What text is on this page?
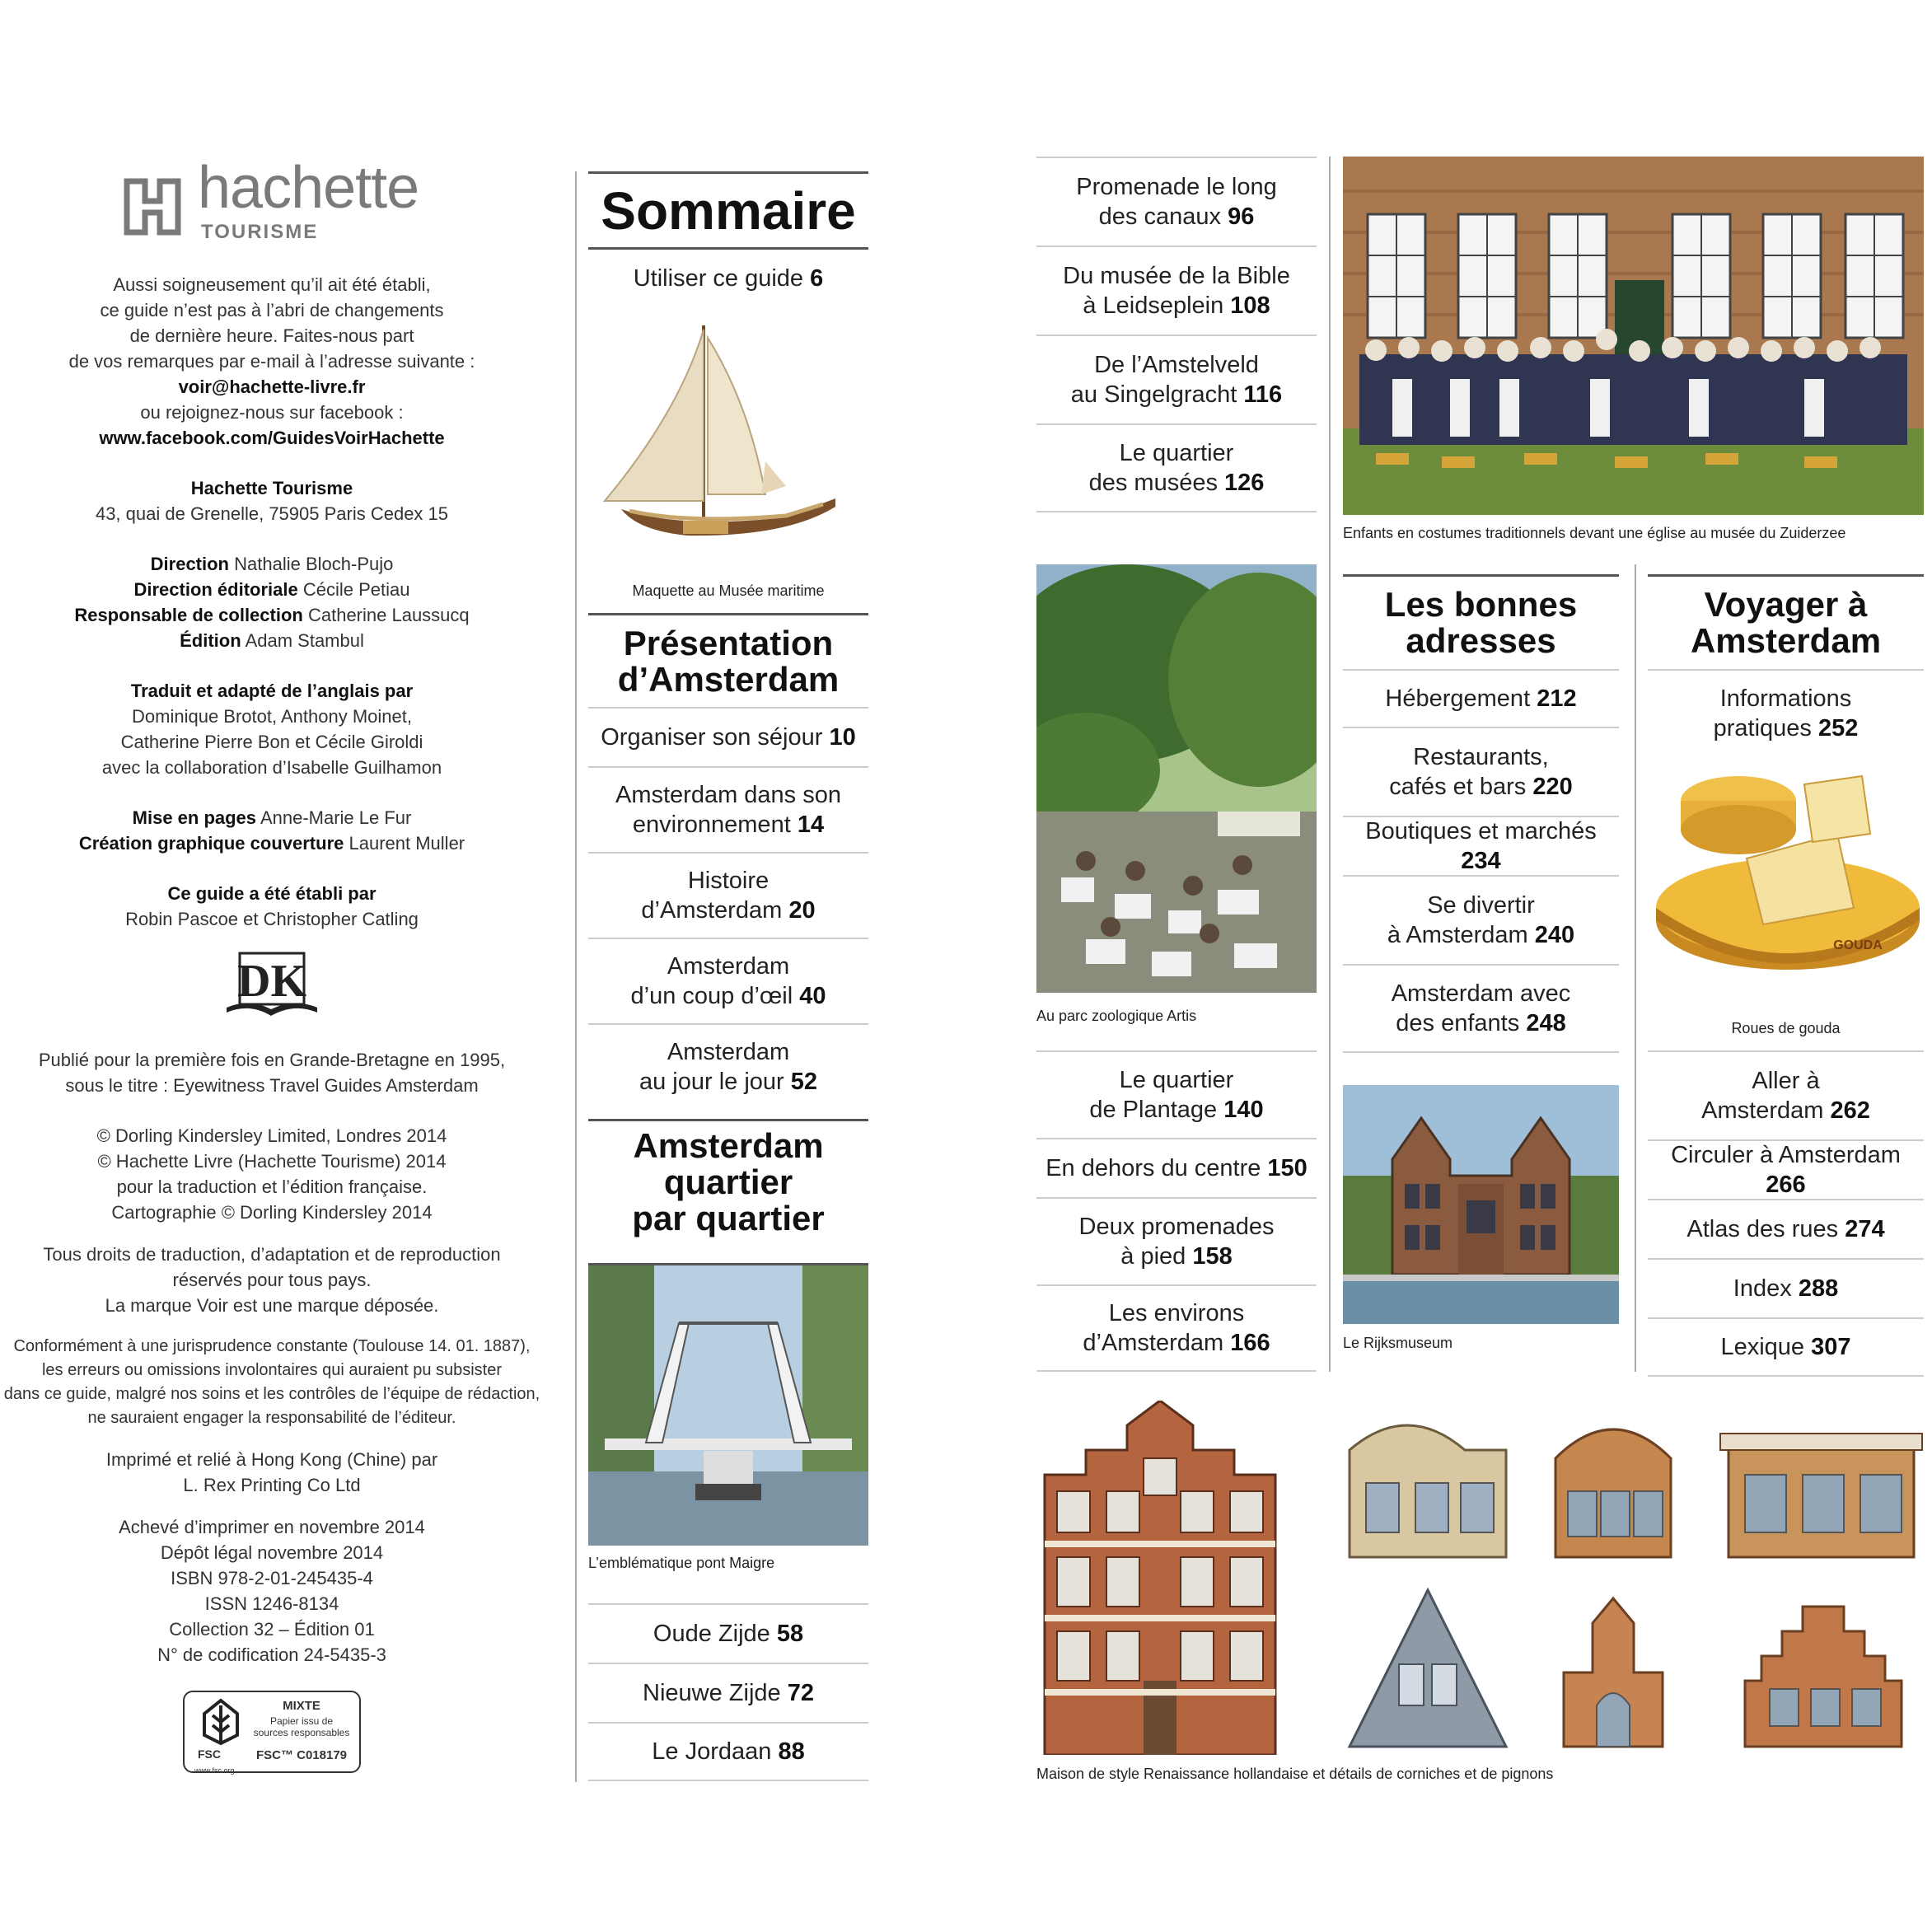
hachette
TOURISME

Aussi soigneusement qu’il ait été établi,

ce guide n’est pas à l’abri de changements

de dernière heure. Faites-nous part

de vos remarques par e-mail à l’adresse suivante :

voir@hachette-livre.fr

ou rejoignez-nous sur facebook :

www.facebook.com/GuidesVoirHachette

Hachette Tourisme

43, quai de Grenelle, 75905 Paris Cedex 15

Direction Nathalie Bloch-Pujo

Direction éditoriale Cécile Petiau

Responsable de collection Catherine Laussucq

Édition Adam Stambul

Traduit et adapté de l’anglais par

Dominique Brotot, Anthony Moinet,

Catherine Pierre Bon et Cécile Giroldi

avec la collaboration d’Isabelle Guilhamon

Mise en pages Anne-Marie Le Fur

Création graphique couverture Laurent Muller

Ce guide a été établi par

Robin Pascoe et Christopher Catling

DK

Publié pour la première fois en Grande-Bretagne en 1995,

sous le titre : Eyewitness Travel Guides Amsterdam

© Dorling Kindersley Limited, Londres 2014

© Hachette Livre (Hachette Tourisme) 2014

pour la traduction et l’édition française.

Cartographie © Dorling Kindersley 2014

Tous droits de traduction, d’adaptation et de reproduction

réservés pour tous pays.

La marque Voir est une marque déposée.

Conformément à une jurisprudence constante (Toulouse 14. 01. 1887),

les erreurs ou omissions involontaires qui auraient pu subsister

dans ce guide, malgré nos soins et les contrôles de l’équipe de rédaction,

ne sauraient engager la responsabilité de l’éditeur.

Imprimé et relié à Hong Kong (Chine) par

L. Rex Printing Co Ltd

Achevé d’imprimer en novembre 2014

Dépôt légal novembre 2014

ISBN 978-2-01-245435-4

ISSN 1246-8134

Collection 32 – Édition 01

N° de codification 24-5435-3

FSC
MIXTE
Papier issu de
sources responsables
FSC™ C018179
www.fsc.org
Sommaire
Utiliser ce guide 6
Maquette au Musée maritime
Présentation
d’Amsterdam
Organiser son séjour 10
Amsterdam dans son
environnement 14
Histoire
d’Amsterdam 20
Amsterdam
d’un coup d’œil 40
Amsterdam
au jour le jour 52
Amsterdam
quartier
par quartier
L’emblématique pont Maigre
Oude Zijde 58
Nieuwe Zijde 72
Le Jordaan 88
Promenade le long
des canaux 96
Du musée de la Bible
à Leidseplein 108
De l’Amstelveld
au Singelgracht 116
Le quartier
des musées 126
Au parc zoologique Artis
Le quartier
de Plantage 140
En dehors du centre 150
Deux promenades
à pied 158
Les environs
d’Amsterdam 166
Enfants en costumes traditionnels devant une église au musée du Zuiderzee
Les bonnes
adresses
Hébergement 212
Restaurants,
cafés et bars 220
Boutiques et marchés 234
Se divertir
à Amsterdam 240
Amsterdam avec
des enfants 248
Le Rijksmuseum
Voyager à
Amsterdam
Informations
pratiques 252
GOUDA
Roues de gouda
Aller à
Amsterdam 262
Circuler à Amsterdam 266
Atlas des rues 274
Index 288
Lexique 307
Maison de style Renaissance hollandaise et détails de corniches et de pignons
